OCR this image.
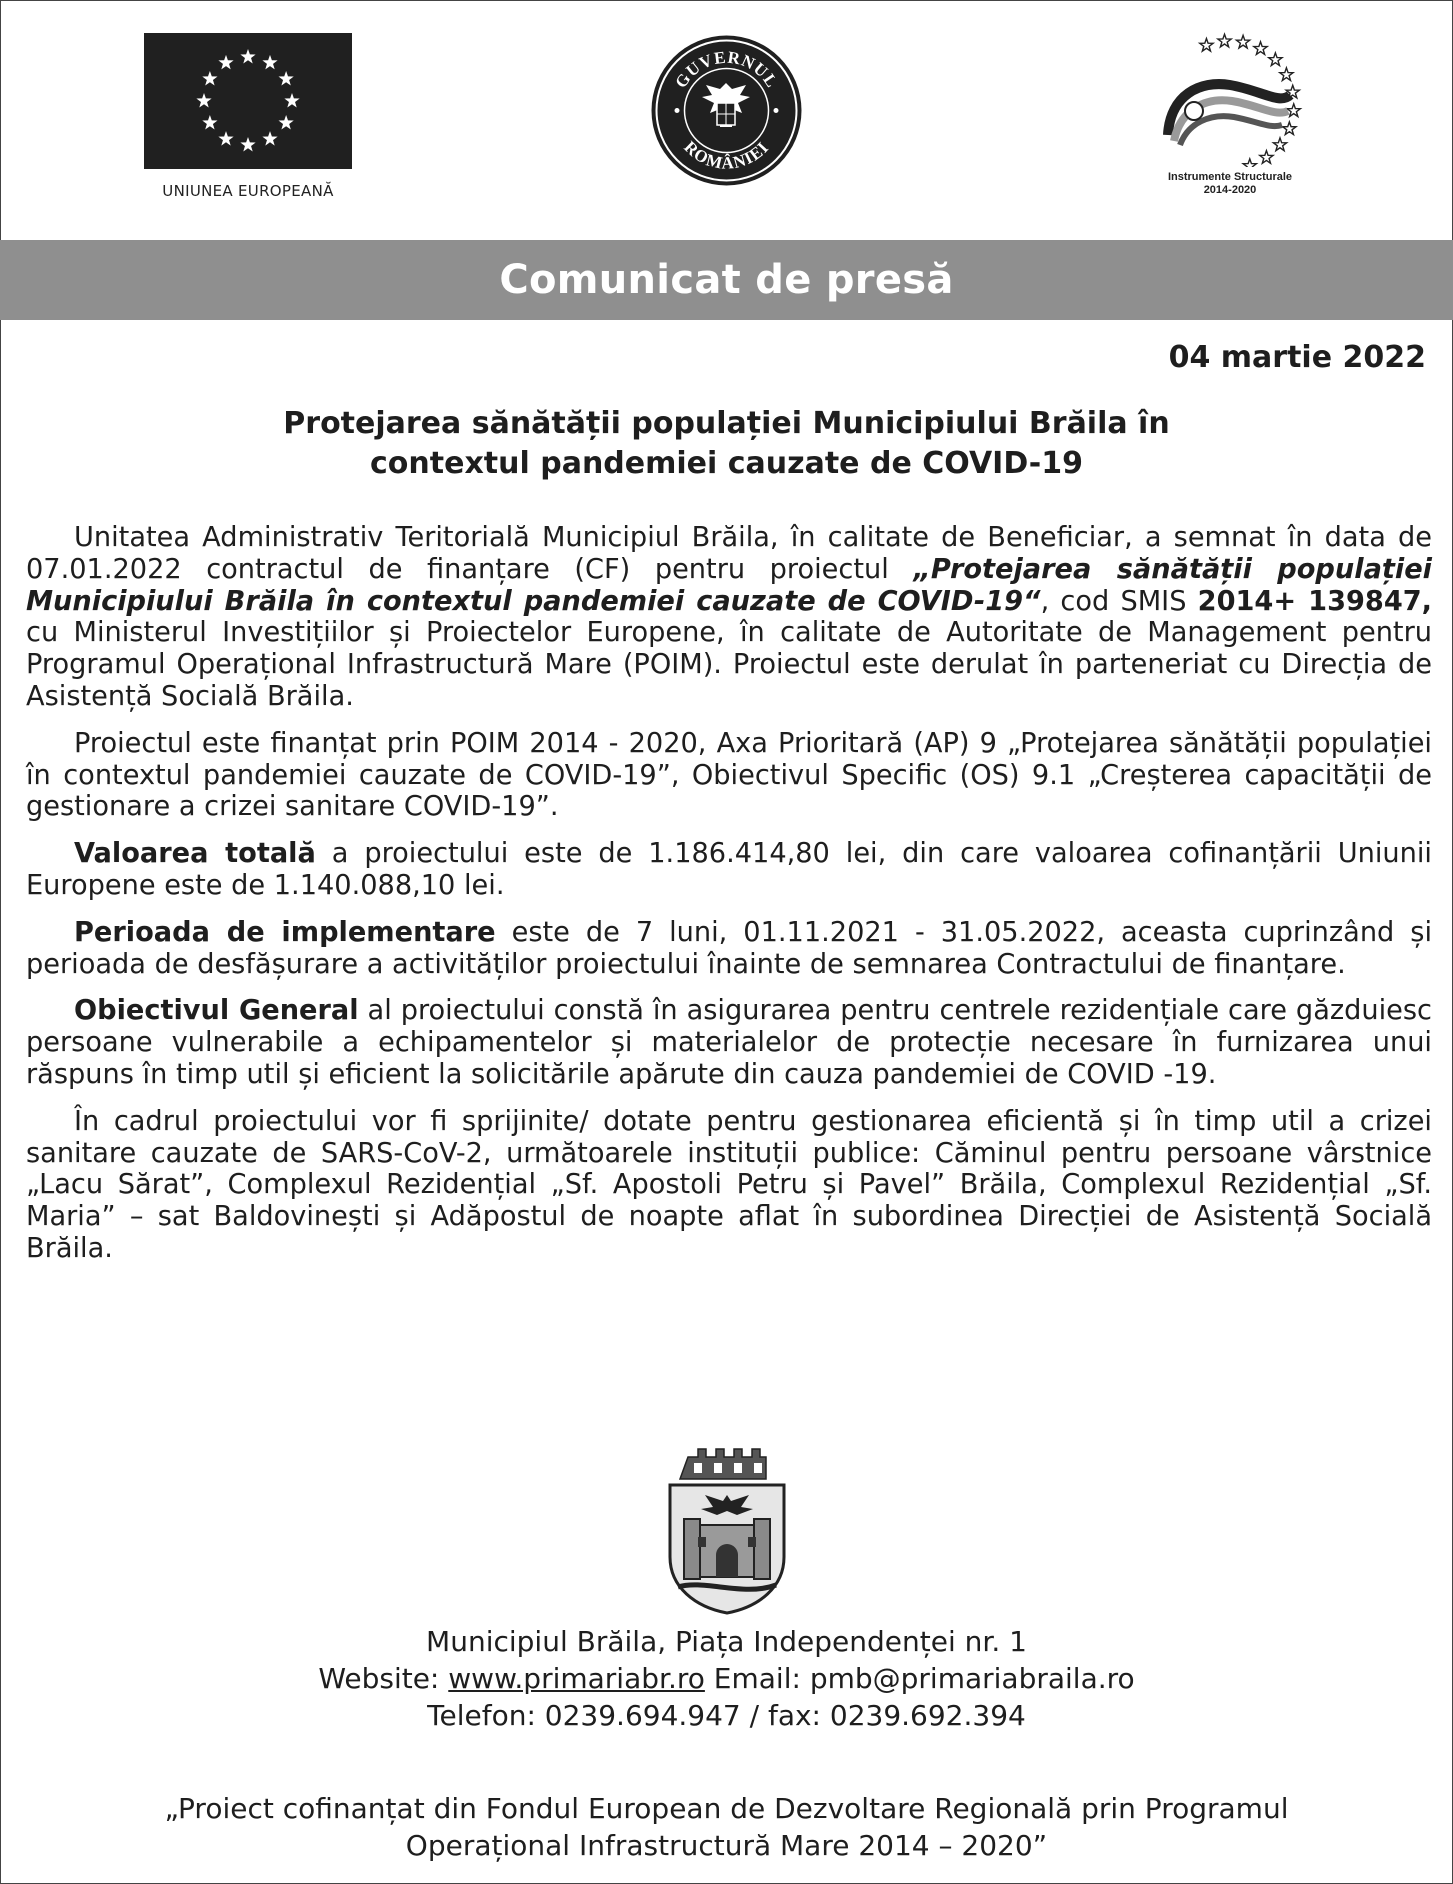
UNIUNEA EUROPEANĂ
GUVERNUL
ROMÂNIEI
Instrumente Structurale
2014-2020
Comunicat de presă
04 martie 2022
Protejarea sănătății populației Municipiului Brăila în
contextul pandemiei cauzate de COVID-19

Unitatea Administrativ Teritorială Municipiul Brăila, în calitate de Beneficiar, a semnat în data de 07.01.2022 contractul de finanțare (CF) pentru proiectul „Protejarea sănătății populației Municipiului Brăila în contextul pandemiei cauzate de COVID-19“, cod SMIS 2014+ 139847, cu Ministerul Investițiilor și Proiectelor Europene, în calitate de Autoritate de Management pentru Programul Operațional Infrastructură Mare (POIM). Proiectul este derulat în parteneriat cu Direcția de Asistență Socială Brăila.

Proiectul este finanțat prin POIM 2014 - 2020, Axa Prioritară (AP) 9 „Protejarea sănătății populației în contextul pandemiei cauzate de COVID-19”, Obiectivul Specific (OS) 9.1 „Creșterea capacității de gestionare a crizei sanitare COVID-19”.

Valoarea totală a proiectului este de 1.186.414,80 lei, din care valoarea cofinanțării Uniunii Europene este de 1.140.088,10 lei.

Perioada de implementare este de 7 luni, 01.11.2021 - 31.05.2022, aceasta cuprinzând și perioada de desfășurare a activităților proiectului înainte de semnarea Contractului de finanțare.

Obiectivul General al proiectului constă în asigurarea pentru centrele rezidențiale care găzduiesc persoane vulnerabile a echipamentelor și materialelor de protecție necesare în furnizarea unui răspuns în timp util și eficient la solicitările apărute din cauza pandemiei de COVID -19.

În cadrul proiectului vor fi sprijinite/ dotate pentru gestionarea eficientă și în timp util a crizei sanitare cauzate de SARS-CoV-2, următoarele instituții publice: Căminul pentru persoane vârstnice „Lacu Sărat”, Complexul Rezidențial „Sf. Apostoli Petru și Pavel” Brăila, Complexul Rezidențial „Sf. Maria” – sat Baldovinești și Adăpostul de noapte aflat în subordinea Direcției de Asistență Socială Brăila.

Municipiul Brăila, Piața Independenței nr. 1
Website: www.primariabr.ro Email: pmb@primariabraila.ro
Telefon: 0239.694.947 / fax: 0239.692.394
„Proiect cofinanțat din Fondul European de Dezvoltare Regională prin Programul
Operațional Infrastructură Mare 2014 – 2020”
